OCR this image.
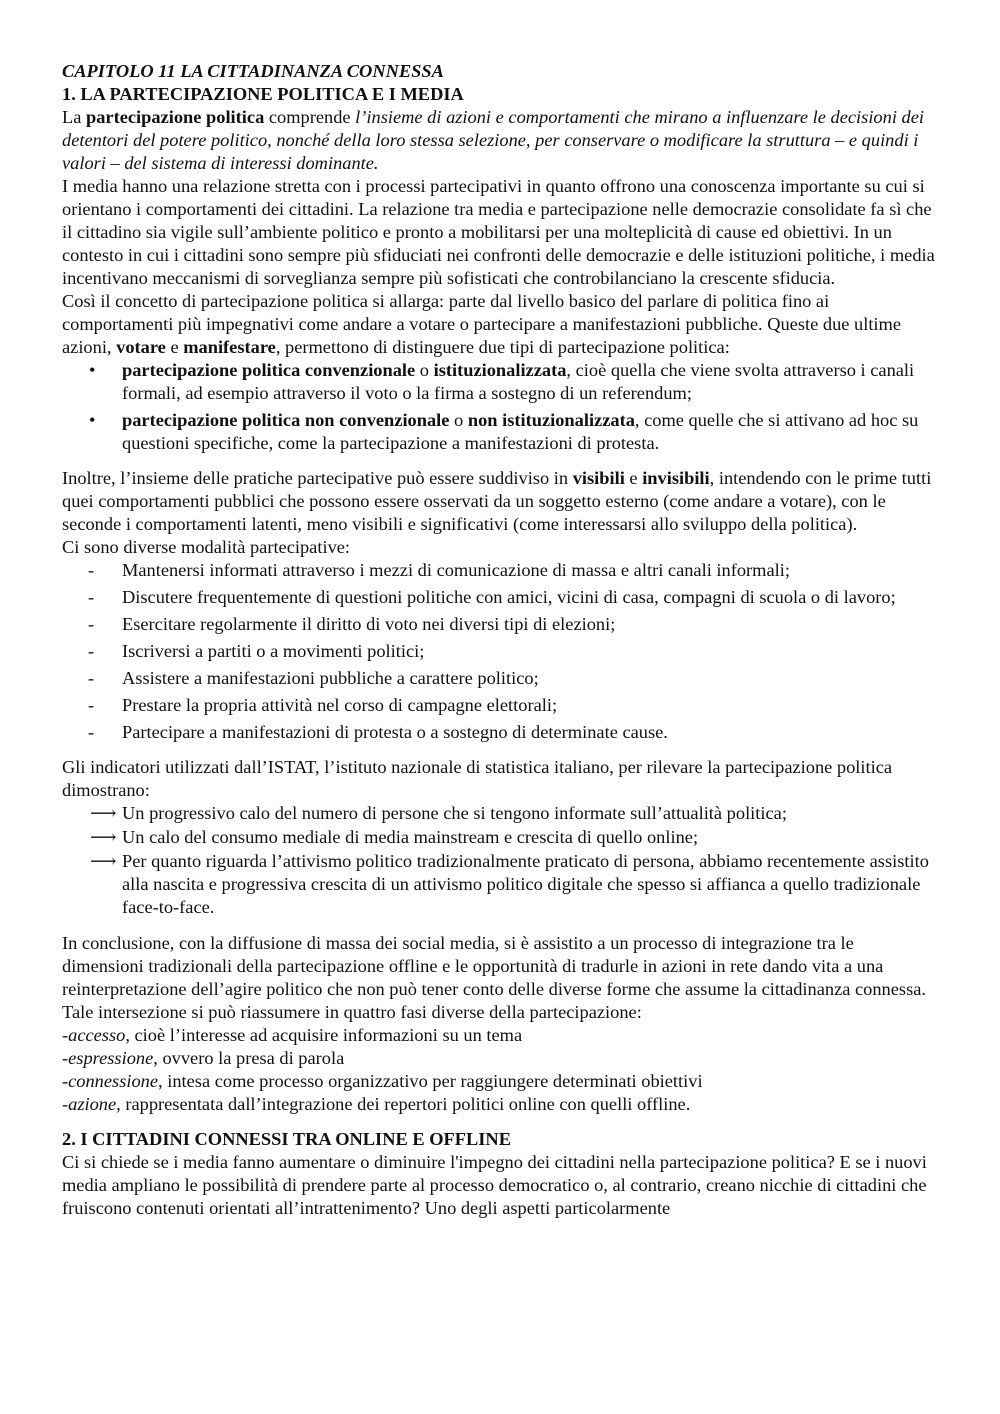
CAPITOLO 11 LA CITTADINANZA CONNESSA

1. LA PARTECIPAZIONE POLITICA E I MEDIA

La partecipazione politica comprende l’insieme di azioni e comportamenti che mirano a influenzare le decisioni dei detentori del potere politico, nonché della loro stessa selezione, per conservare o modificare la struttura – e quindi i valori – del sistema di interessi dominante.

I media hanno una relazione stretta con i processi partecipativi in quanto offrono una conoscenza importante su cui si orientano i comportamenti dei cittadini. La relazione tra media e partecipazione nelle democrazie consolidate fa sì che il cittadino sia vigile sull’ambiente politico e pronto a mobilitarsi per una molteplicità di cause ed obiettivi. In un contesto in cui i cittadini sono sempre più sfiduciati nei confronti delle democrazie e delle istituzioni politiche, i media incentivano meccanismi di sorveglianza sempre più sofisticati che controbilanciano la crescente sfiducia.

Così il concetto di partecipazione politica si allarga: parte dal livello basico del parlare di politica fino ai comportamenti più impegnativi come andare a votare o partecipare a manifestazioni pubbliche. Queste due ultime azioni, votare e manifestare, permettono di distinguere due tipi di partecipazione politica:

• partecipazione politica convenzionale o istituzionalizzata, cioè quella che viene svolta attraverso i canali formali, ad esempio attraverso il voto o la firma a sostegno di un referendum;
• partecipazione politica non convenzionale o non istituzionalizzata, come quelle che si attivano ad hoc su questioni specifiche, come la partecipazione a manifestazioni di protesta.

Inoltre, l’insieme delle pratiche partecipative può essere suddiviso in visibili e invisibili, intendendo con le prime tutti quei comportamenti pubblici che possono essere osservati da un soggetto esterno (come andare a votare), con le seconde i comportamenti latenti, meno visibili e significativi (come interessarsi allo sviluppo della politica).

Ci sono diverse modalità partecipative:

- Mantenersi informati attraverso i mezzi di comunicazione di massa e altri canali informali;
- Discutere frequentemente di questioni politiche con amici, vicini di casa, compagni di scuola o di lavoro;
- Esercitare regolarmente il diritto di voto nei diversi tipi di elezioni;
- Iscriversi a partiti o a movimenti politici;
- Assistere a manifestazioni pubbliche a carattere politico;
- Prestare la propria attività nel corso di campagne elettorali;
- Partecipare a manifestazioni di protesta o a sostegno di determinate cause.

Gli indicatori utilizzati dall’ISTAT, l’istituto nazionale di statistica italiano, per rilevare la partecipazione politica dimostrano:

⟶ Un progressivo calo del numero di persone che si tengono informate sull’attualità politica;
⟶ Un calo del consumo mediale di media mainstream e crescita di quello online;
⟶ Per quanto riguarda l’attivismo politico tradizionalmente praticato di persona, abbiamo recentemente assistito alla nascita e progressiva crescita di un attivismo politico digitale che spesso si affianca a quello tradizionale face-to-face.

In conclusione, con la diffusione di massa dei social media, si è assistito a un processo di integrazione tra le dimensioni tradizionali della partecipazione offline e le opportunità di tradurle in azioni in rete dando vita a una reinterpretazione dell’agire politico che non può tener conto delle diverse forme che assume la cittadinanza connessa.

Tale intersezione si può riassumere in quattro fasi diverse della partecipazione:

-accesso, cioè l’interesse ad acquisire informazioni su un tema

-espressione, ovvero la presa di parola

-connessione, intesa come processo organizzativo per raggiungere determinati obiettivi

-azione, rappresentata dall’integrazione dei repertori politici online con quelli offline.

2. I CITTADINI CONNESSI TRA ONLINE E OFFLINE

Ci si chiede se i media fanno aumentare o diminuire l'impegno dei cittadini nella partecipazione politica? E se i nuovi media ampliano le possibilità di prendere parte al processo democratico o, al contrario, creano nicchie di cittadini che fruiscono contenuti orientati all’intrattenimento? Uno degli aspetti particolarmente
